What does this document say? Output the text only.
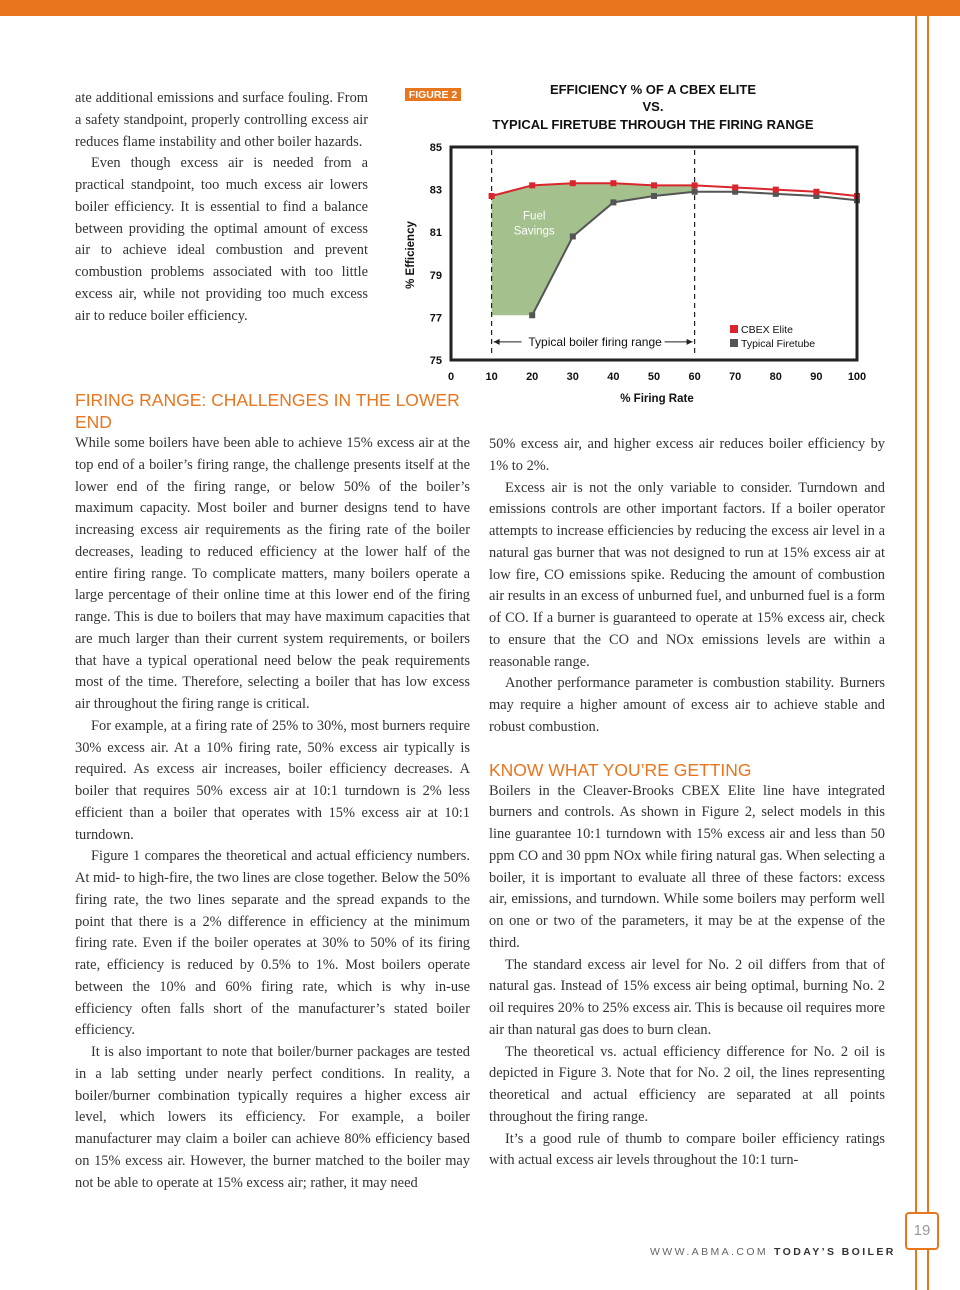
ate additional emissions and surface fouling. From a safety standpoint, properly controlling excess air reduces flame instability and other boiler hazards.

Even though excess air is needed from a practical standpoint, too much excess air lowers boiler efficiency. It is essential to find a balance between providing the optimal amount of excess air to achieve ideal combustion and prevent combustion problems associated with too little excess air, while not providing too much excess air to reduce boiler efficiency.

FIRING RANGE: CHALLENGES IN THE LOWER END

While some boilers have been able to achieve 15% excess air at the top end of a boiler’s firing range, the challenge presents itself at the lower end of the firing range, or below 50% of the boiler’s maximum capacity. Most boiler and burner designs tend to have increasing excess air requirements as the firing rate of the boiler decreases, leading to reduced efficiency at the lower half of the entire firing range. To complicate matters, many boilers operate a large percentage of their online time at this lower end of the firing range. This is due to boilers that may have maximum capacities that are much larger than their current system requirements, or boilers that have a typical operational need below the peak requirements most of the time. Therefore, selecting a boiler that has low excess air throughout the firing range is critical.

For example, at a firing rate of 25% to 30%, most burners require 30% excess air. At a 10% firing rate, 50% excess air typically is required. As excess air increases, boiler efficiency decreases. A boiler that requires 50% excess air at 10:1 turndown is 2% less efficient than a boiler that operates with 15% excess air at 10:1 turndown.

Figure 1 compares the theoretical and actual efficiency numbers. At mid- to high-fire, the two lines are close together. Below the 50% firing rate, the two lines separate and the spread expands to the point that there is a 2% difference in efficiency at the minimum firing rate. Even if the boiler operates at 30% to 50% of its firing rate, efficiency is reduced by 0.5% to 1%. Most boilers operate between the 10% and 60% firing rate, which is why in-use efficiency often falls short of the manufacturer’s stated boiler efficiency.

It is also important to note that boiler/burner packages are tested in a lab setting under nearly perfect conditions. In reality, a boiler/burner combination typically requires a higher excess air level, which lowers its efficiency. For example, a boiler manufacturer may claim a boiler can achieve 80% efficiency based on 15% excess air. However, the burner matched to the boiler may not be able to operate at 15% excess air; rather, it may need

50% excess air, and higher excess air reduces boiler efficiency by 1% to 2%.

Excess air is not the only variable to consider. Turndown and emissions controls are other important factors. If a boiler operator attempts to increase efficiencies by reducing the excess air level in a natural gas burner that was not designed to run at 15% excess air at low fire, CO emissions spike. Reducing the amount of combustion air results in an excess of unburned fuel, and unburned fuel is a form of CO. If a burner is guaranteed to operate at 15% excess air, check to ensure that the CO and NOx emissions levels are within a reasonable range.

Another performance parameter is combustion stability. Burners may require a higher amount of excess air to achieve stable and robust combustion.

KNOW WHAT YOU’RE GETTING

Boilers in the Cleaver-Brooks CBEX Elite line have integrated burners and controls. As shown in Figure 2, select models in this line guarantee 10:1 turndown with 15% excess air and less than 50 ppm CO and 30 ppm NOx while firing natural gas. When selecting a boiler, it is important to evaluate all three of these factors: excess air, emissions, and turndown. While some boilers may perform well on one or two of the parameters, it may be at the expense of the third.

The standard excess air level for No. 2 oil differs from that of natural gas. Instead of 15% excess air being optimal, burning No. 2 oil requires 20% to 25% excess air. This is because oil requires more air than natural gas does to burn clean.

The theoretical vs. actual efficiency difference for No. 2 oil is depicted in Figure 3. Note that for No. 2 oil, the lines representing theoretical and actual efficiency are separated at all points throughout the firing range.

It’s a good rule of thumb to compare boiler efficiency ratings with actual excess air levels throughout the 10:1 turn-

FIGURE 2	EFFICIENCY % OF A CBEX ELITE
VS.
TYPICAL FIRETUBE THROUGH THE FIRING RANGE
Fuel
Savings
75
77
79
81
83
85
0	10	20	30	40	50	60	70	80	90 100
% Efficiency
% Firing Rate
Typical boiler firing range
CBEX Elite
Typical Firetube
19
WWW.ABMA.COM TODAY’S BOILER
